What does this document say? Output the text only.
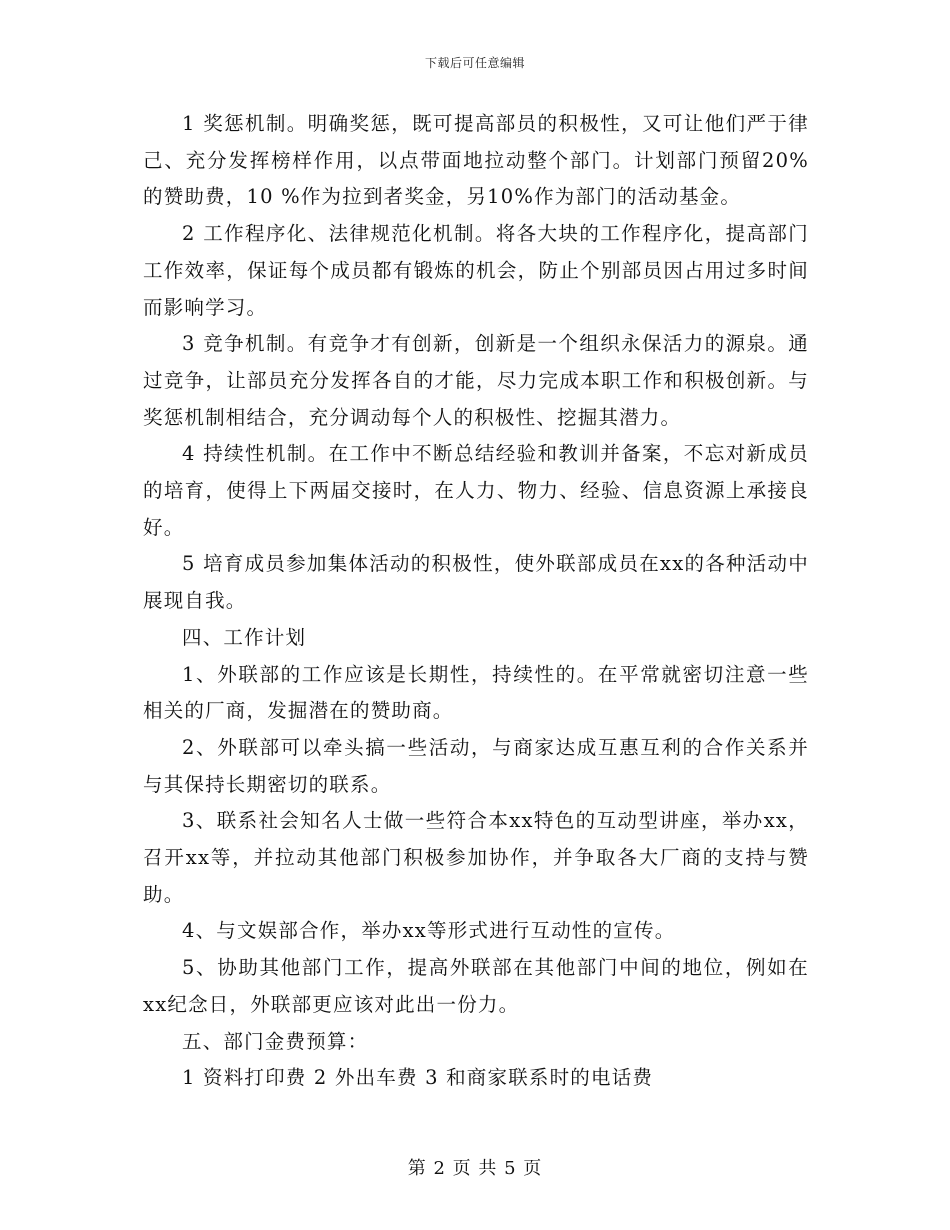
下载后可任意编辑

1 奖惩机制。明确奖惩，既可提高部员的积极性，又可让他们严于律己、充分发挥榜样作用，以点带面地拉动整个部门。计划部门预留20%的赞助费，10 %作为拉到者奖金，另10%作为部门的活动基金。

2 工作程序化、法律规范化机制。将各大块的工作程序化，提高部门工作效率，保证每个成员都有锻炼的机会，防止个别部员因占用过多时间而影响学习。

3 竞争机制。有竞争才有创新，创新是一个组织永保活力的源泉。通过竞争，让部员充分发挥各自的才能，尽力完成本职工作和积极创新。与奖惩机制相结合，充分调动每个人的积极性、挖掘其潜力。

4 持续性机制。在工作中不断总结经验和教训并备案，不忘对新成员的培育，使得上下两届交接时，在人力、物力、经验、信息资源上承接良好。

5 培育成员参加集体活动的积极性，使外联部成员在xx的各种活动中展现自我。

四、工作计划

1、外联部的工作应该是长期性，持续性的。在平常就密切注意一些相关的厂商，发掘潜在的赞助商。

2、外联部可以牵头搞一些活动，与商家达成互惠互利的合作关系并与其保持长期密切的联系。

3、联系社会知名人士做一些符合本xx特色的互动型讲座，举办xx，召开xx等，并拉动其他部门积极参加协作，并争取各大厂商的支持与赞助。

4、与文娱部合作，举办xx等形式进行互动性的宣传。

5、协助其他部门工作，提高外联部在其他部门中间的地位，例如在xx纪念日，外联部更应该对此出一份力。

五、部门金费预算：

1 资料打印费 2 外出车费 3 和商家联系时的电话费

第 2 页 共 5 页
